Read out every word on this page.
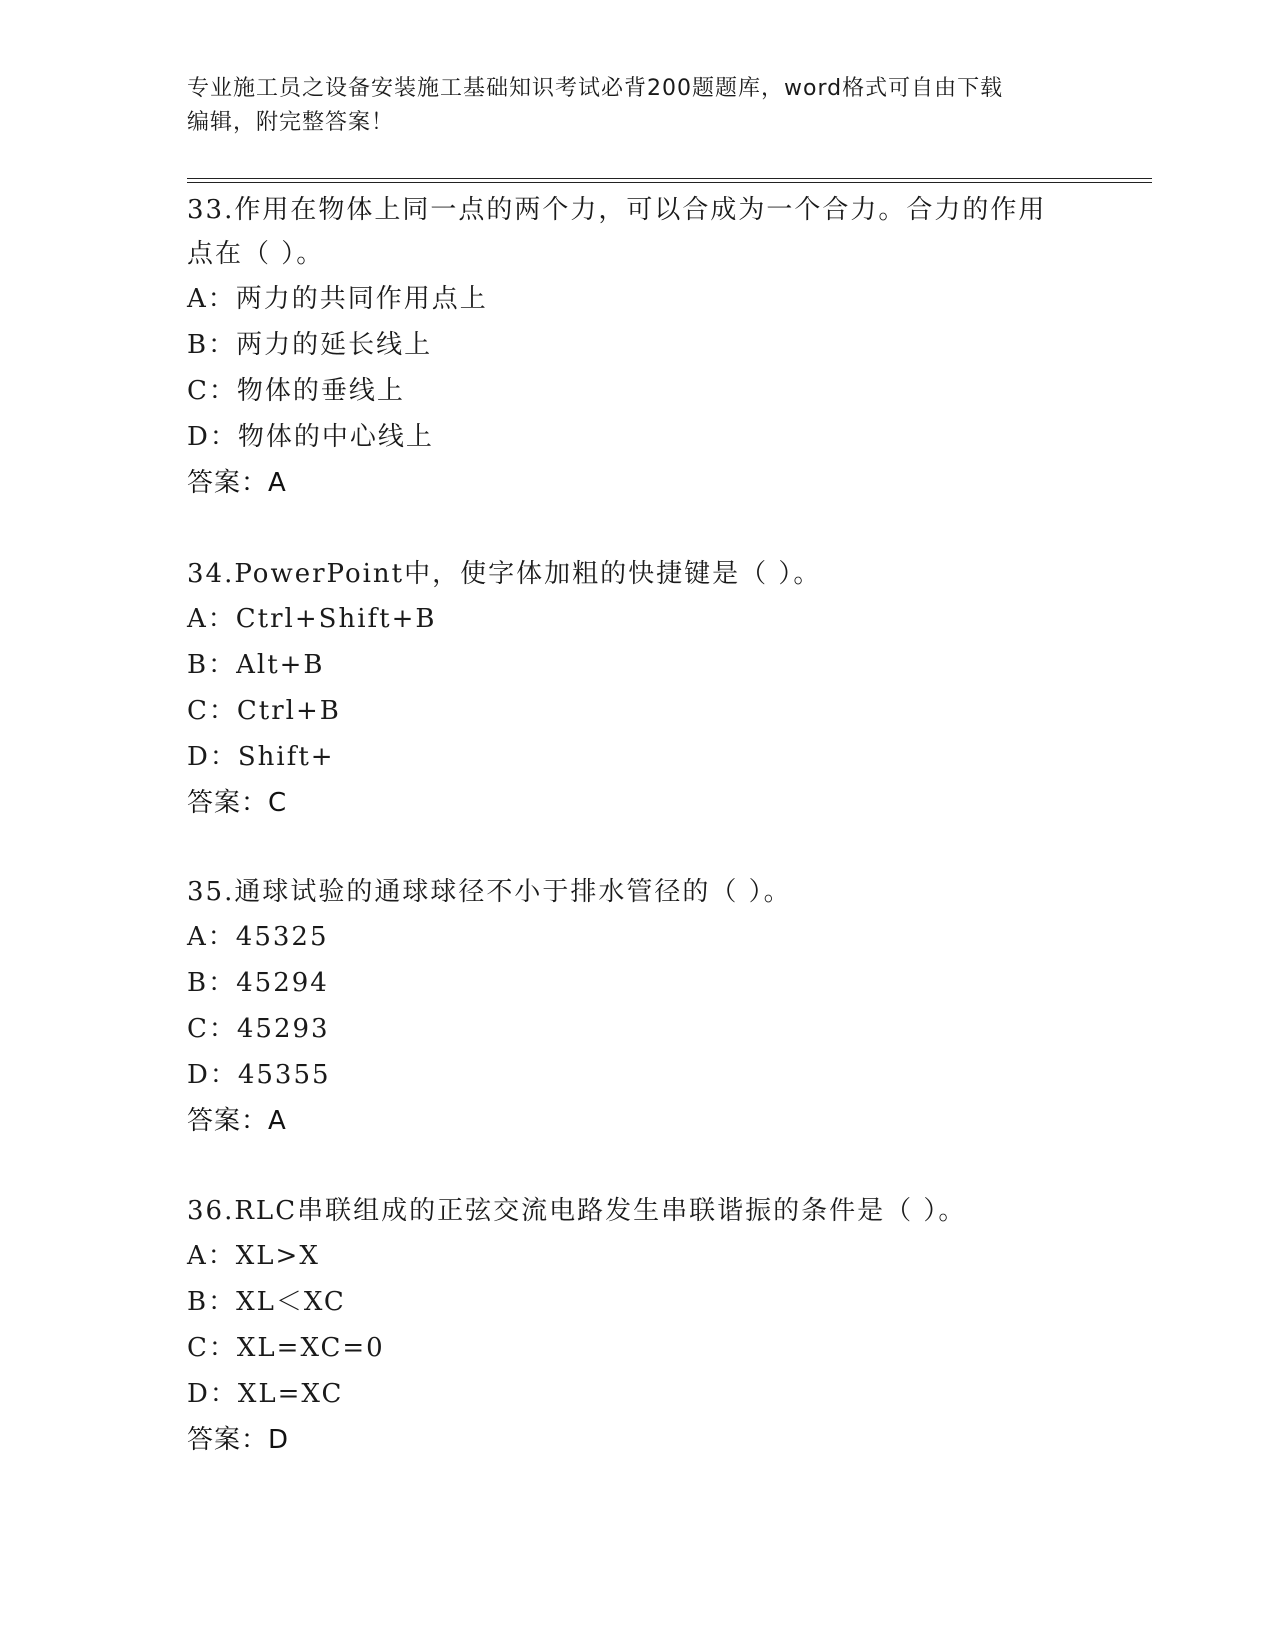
专业施工员之设备安装施工基础知识考试必背200题题库，word格式可自由下载
编辑，附完整答案！
33.作用在物体上同一点的两个力，可以合成为一个合力。合力的作用
点在（ ）。
A：两力的共同作用点上
B：两力的延长线上
C：物体的垂线上
D：物体的中心线上
答案：A
34.PowerPoint中，使字体加粗的快捷键是（ ）。
A：Ctrl+Shift+B
B：Alt+B
C：Ctrl+B
D：Shift+
答案：C
35.通球试验的通球球径不小于排水管径的（ ）。
A：45325
B：45294
C：45293
D：45355
答案：A
36.RLC串联组成的正弦交流电路发生串联谐振的条件是（ ）。
A：XL>X
B：XL＜XC
C：XL=XC=0
D：XL=XC
答案：D
